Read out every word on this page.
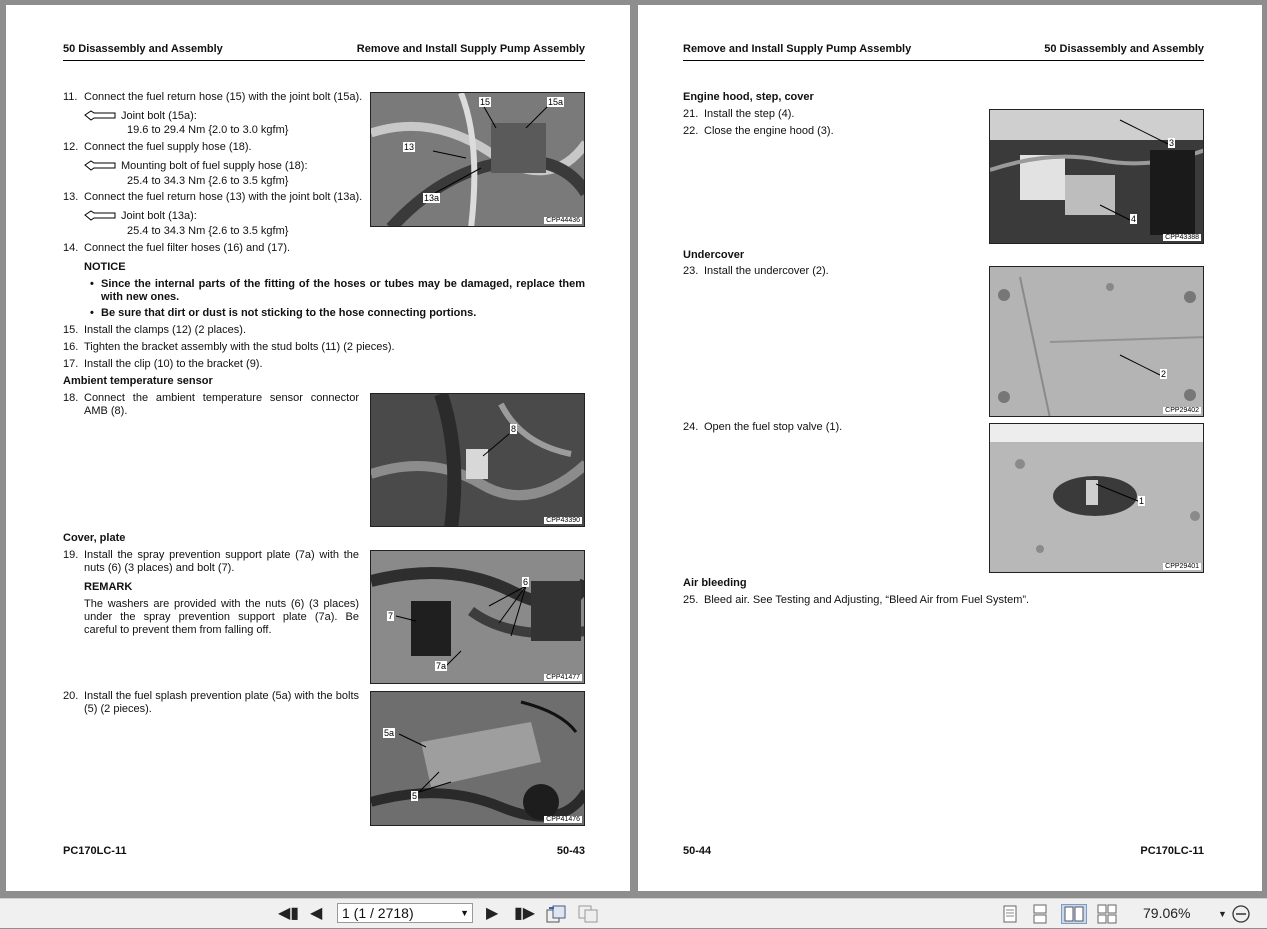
50 Disassembly and Assembly	Remove and Install Supply Pump Assembly
11. Connect the fuel return hose (15) with the joint bolt (15a).
Joint bolt (15a):
19.6 to 29.4 Nm {2.0 to 3.0 kgfm}
12. Connect the fuel supply hose (18).
Mounting bolt of fuel supply hose (18):
25.4 to 34.3 Nm {2.6 to 3.5 kgfm}
13. Connect the fuel return hose (13) with the joint bolt (13a).
Joint bolt (13a):
25.4 to 34.3 Nm {2.6 to 3.5 kgfm}
14. Connect the fuel filter hoses (16) and (17).
NOTICE
• Since the internal parts of the fitting of the hoses or tubes may be damaged, replace them with new ones.
• Be sure that dirt or dust is not sticking to the hose connecting portions.
15. Install the clamps (12) (2 places).
16. Tighten the bracket assembly with the stud bolts (11) (2 pieces).
17. Install the clip (10) to the bracket (9).
Ambient temperature sensor
18. Connect the ambient temperature sensor connector AMB (8).
Cover, plate
19. Install the spray prevention support plate (7a) with the nuts (6) (3 places) and bolt (7).
REMARK
The washers are provided with the nuts (6) (3 places) under the spray prevention support plate (7a). Be careful to prevent them from falling off.
20. Install the fuel splash prevention plate (5a) with the bolts (5) (2 pieces).
15	15a
13
13a
CPP44436
8
CPP43390
6
7
7a
CPP41477
5a
5
CPP41476
PC170LC-11	50-43
Remove and Install Supply Pump Assembly	50 Disassembly and Assembly
Engine hood, step, cover
21. Install the step (4).
22. Close the engine hood (3).
Undercover
23. Install the undercover (2).
24. Open the fuel stop valve (1).
Air bleeding
25. Bleed air. See Testing and Adjusting, “Bleed Air from Fuel System”.
3
4
CPP43388
2
CPP29402
1
CPP29401
50-44	PC170LC-11
◀▮ ◀	1 (1 / 2718)	▼ ▶ ▮▶	79.06%	▼
